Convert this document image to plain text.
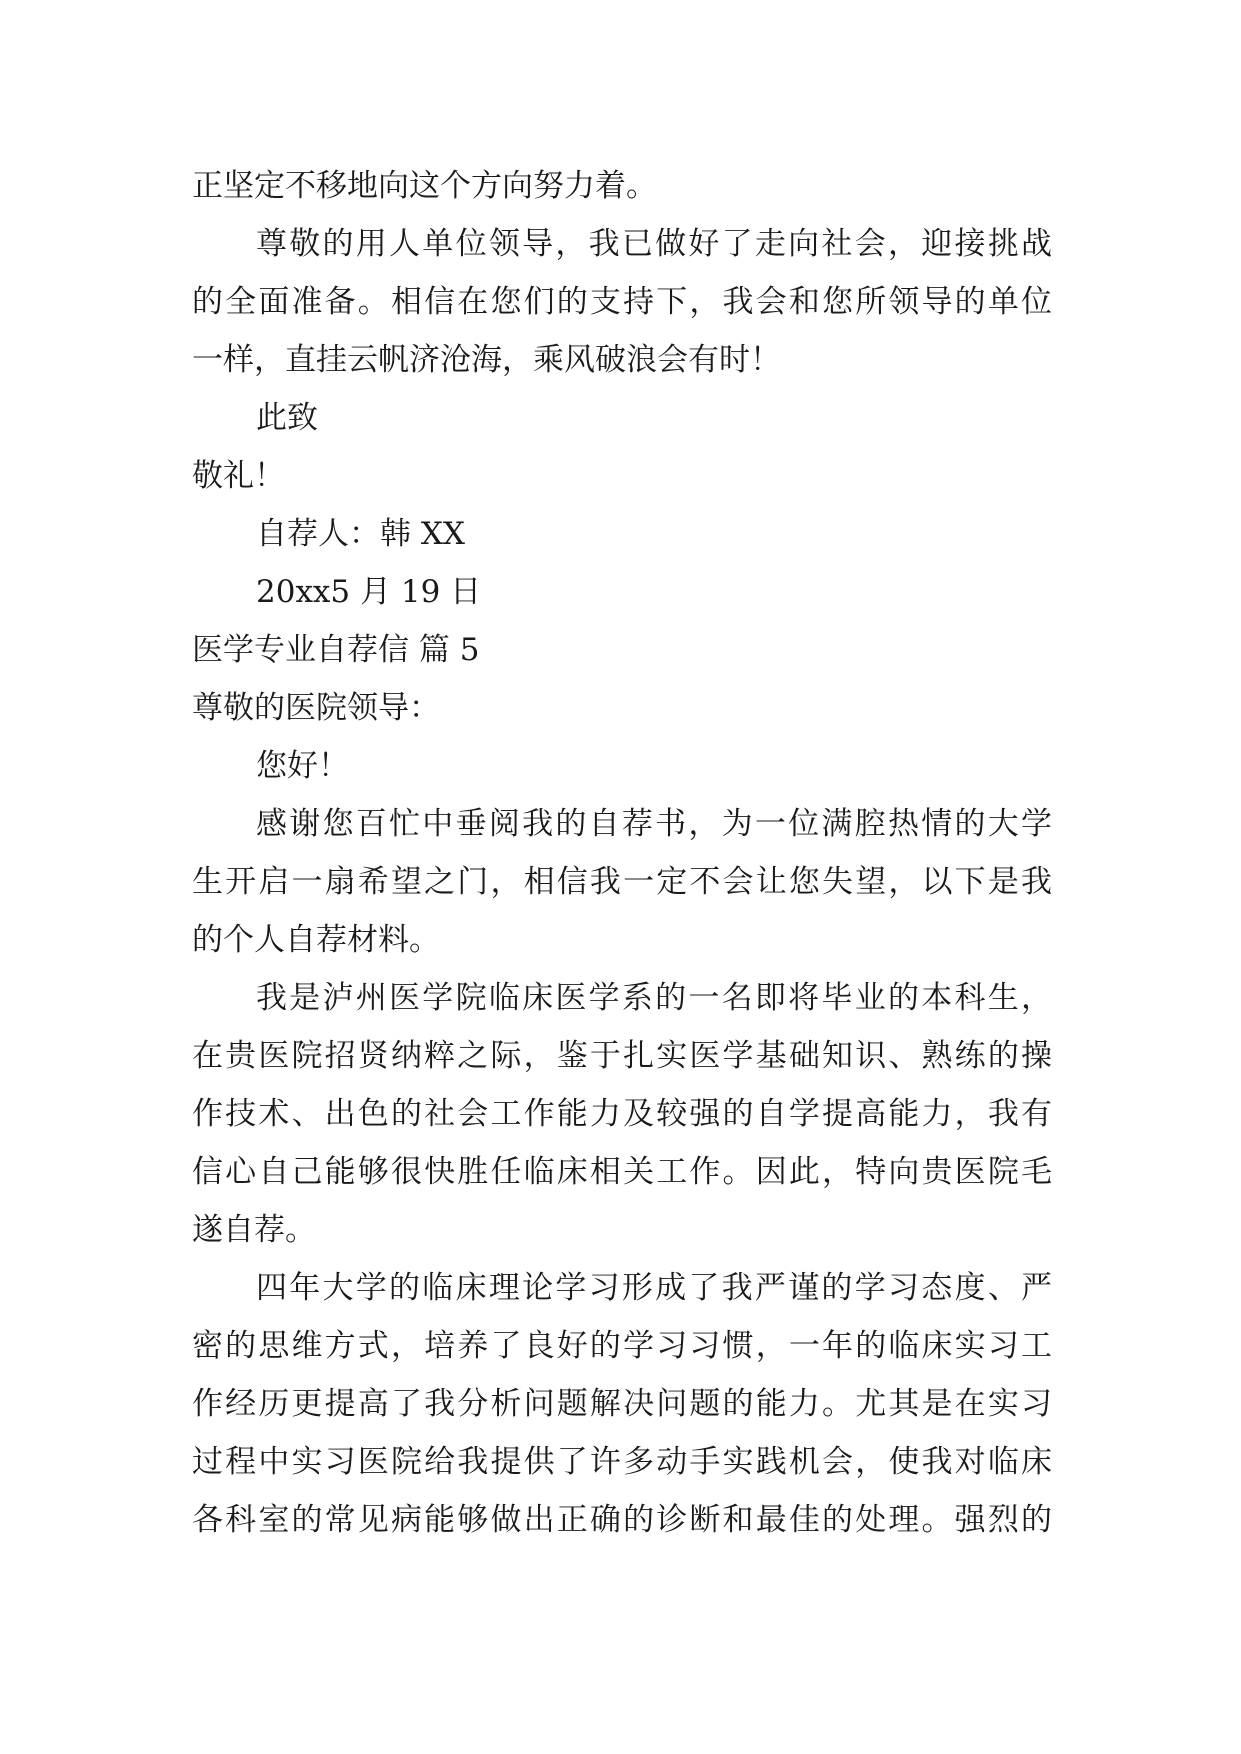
正坚定不移地向这个方向努力着。
尊敬的用人单位领导，我已做好了走向社会，迎接挑战
的全面准备。相信在您们的支持下，我会和您所领导的单位
一样，直挂云帆济沧海，乘风破浪会有时！
此致
敬礼！
自荐人：韩 XX
20xx5 月 19 日
医学专业自荐信 篇 5
尊敬的医院领导：
您好！
感谢您百忙中垂阅我的自荐书，为一位满腔热情的大学
生开启一扇希望之门，相信我一定不会让您失望，以下是我
的个人自荐材料。
我是泸州医学院临床医学系的一名即将毕业的本科生，
在贵医院招贤纳粹之际，鉴于扎实医学基础知识、熟练的操
作技术、出色的社会工作能力及较强的自学提高能力，我有
信心自己能够很快胜任临床相关工作。因此，特向贵医院毛
遂自荐。
四年大学的临床理论学习形成了我严谨的学习态度、严
密的思维方式，培养了良好的学习习惯，一年的临床实习工
作经历更提高了我分析问题解决问题的能力。尤其是在实习
过程中实习医院给我提供了许多动手实践机会，使我对临床
各科室的常见病能够做出正确的诊断和最佳的处理。强烈的
